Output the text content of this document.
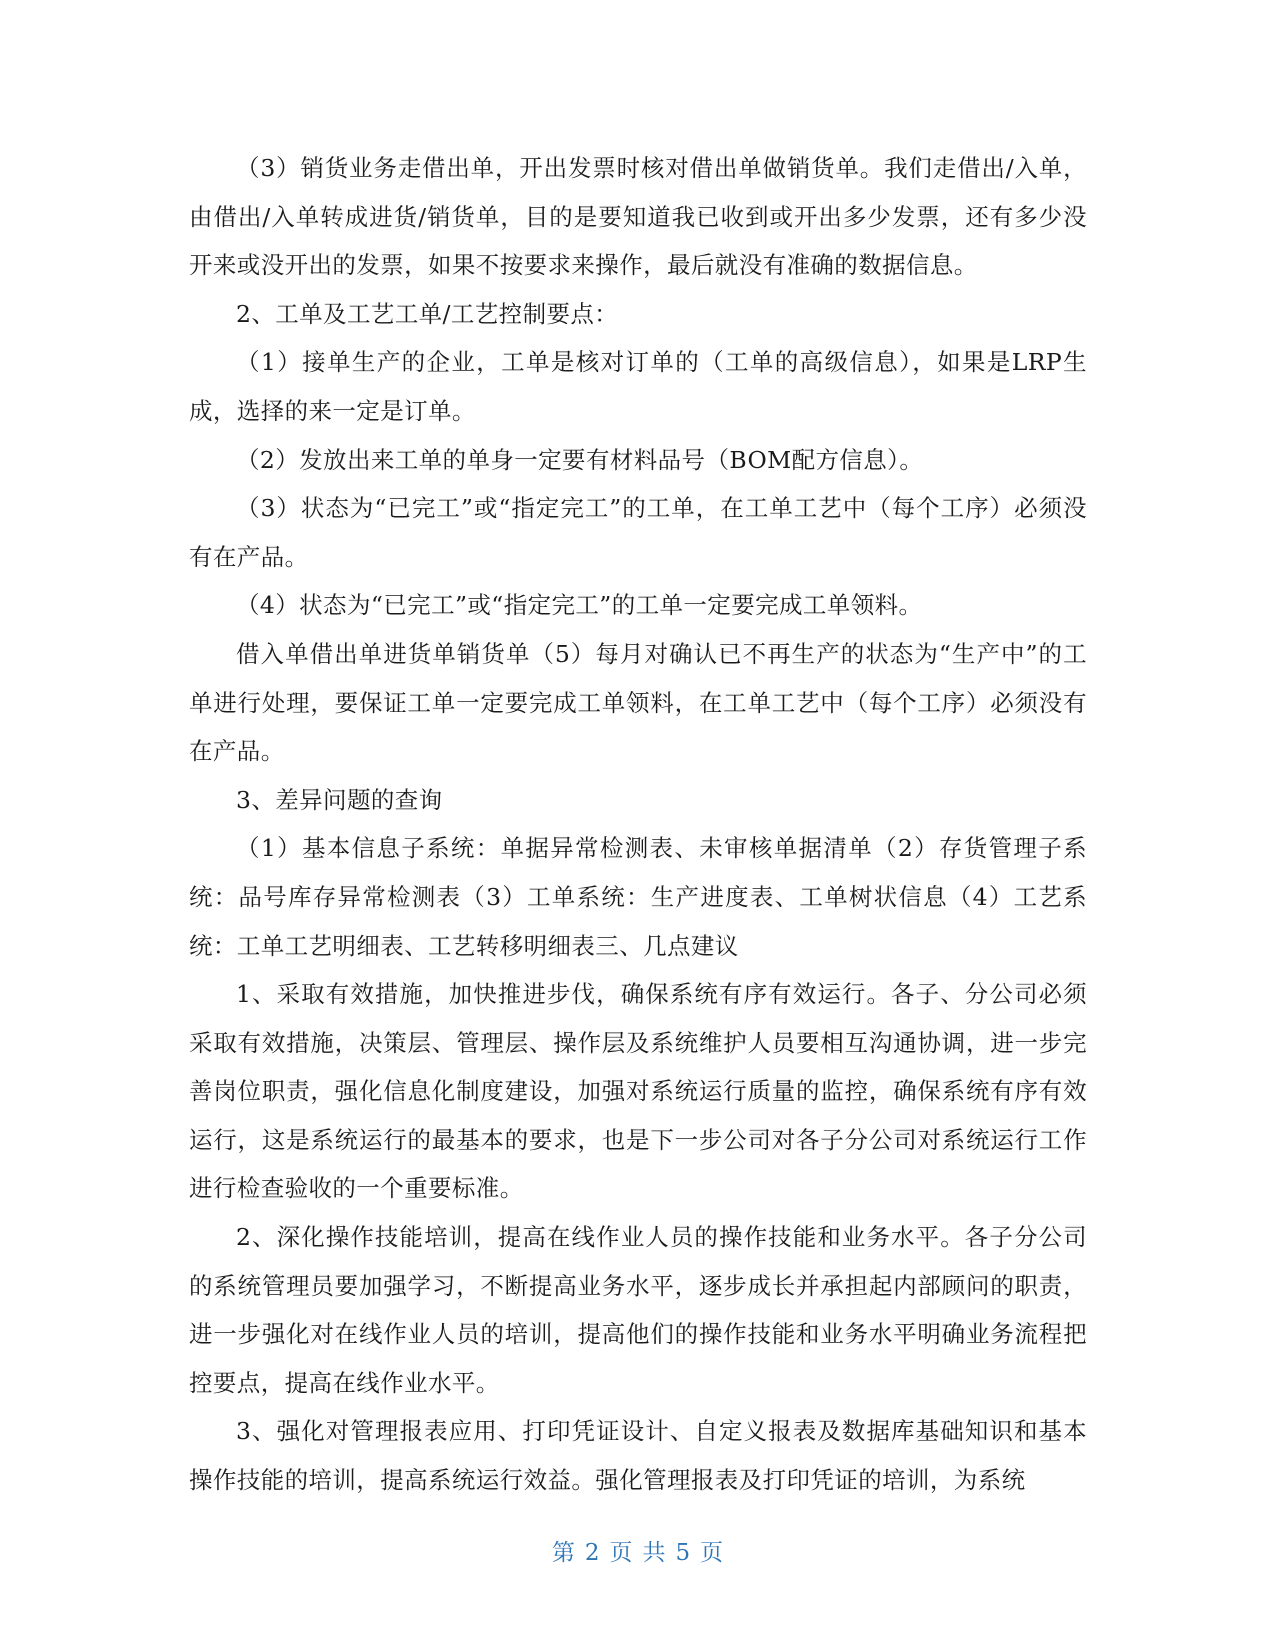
（3）销货业务走借出单，开出发票时核对借出单做销货单。我们走借出/入单，由借出/入单转成进货/销货单，目的是要知道我已收到或开出多少发票，还有多少没开来或没开出的发票，如果不按要求来操作，最后就没有准确的数据信息。

2、工单及工艺工单/工艺控制要点：

（1）接单生产的企业，工单是核对订单的（工单的高级信息），如果是LRP生成，选择的来一定是订单。

（2）发放出来工单的单身一定要有材料品号（BOM配方信息）。

（3）状态为“已完工”或“指定完工”的工单，在工单工艺中（每个工序）必须没有在产品。

（4）状态为“已完工”或“指定完工”的工单一定要完成工单领料。

借入单借出单进货单销货单（5）每月对确认已不再生产的状态为“生产中”的工单进行处理，要保证工单一定要完成工单领料，在工单工艺中（每个工序）必须没有在产品。

3、差异问题的查询

（1）基本信息子系统：单据异常检测表、未审核单据清单（2）存货管理子系统：品号库存异常检测表（3）工单系统：生产进度表、工单树状信息（4）工艺系统：工单工艺明细表、工艺转移明细表三、几点建议

1、采取有效措施，加快推进步伐，确保系统有序有效运行。各子、分公司必须采取有效措施，决策层、管理层、操作层及系统维护人员要相互沟通协调，进一步完善岗位职责，强化信息化制度建设，加强对系统运行质量的监控，确保系统有序有效运行，这是系统运行的最基本的要求，也是下一步公司对各子分公司对系统运行工作进行检查验收的一个重要标准。

2、深化操作技能培训，提高在线作业人员的操作技能和业务水平。各子分公司的系统管理员要加强学习，不断提高业务水平，逐步成长并承担起内部顾问的职责，进一步强化对在线作业人员的培训，提高他们的操作技能和业务水平明确业务流程把控要点，提高在线作业水平。

3、强化对管理报表应用、打印凭证设计、自定义报表及数据库基础知识和基本操作技能的培训，提高系统运行效益。强化管理报表及打印凭证的培训，为系统

第 2 页 共 5 页
